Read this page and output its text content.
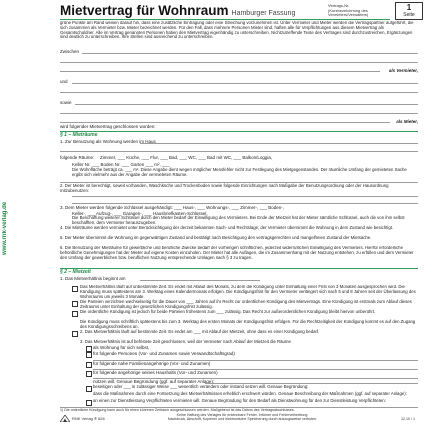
www.rnk-verlag.de
Mietvertrag für Wohnraum Hamburger Fassung
Vertrags-Nr.
(Kurzbezeichnung des Vermieters/Verwalters)
1
Seite
grüne Punkte am Rand weisen darauf hin, dass eine zusätzliche Eintragung oder eine Streichung vorzunehmen ist. Unter Vermieter und Mieter werden die Vertragspartner aufgeführt, die sich zusammen als Vermieter bzw. Mieter bezeichnet werden. Für den Fall, dass mehrere Personen Mieter sind, haften alle für Verpflichtungen aus diesem Mietvertrag als Gesamtschuldner. Alle im Vertrag genannten Personen haben den Mietvertrag eigenhändig zu unterschreiben. Nichtzutreffende Texte des Vertrages sind durchzustreichen, Ergänzungen sind deutlich zu unterschreiben. Ihre Stellen sind ausreichend zu unterschreiben.
Zwischen
als Vermieter,
und
sowie
als Mieter,
wird folgender Mietvertrag geschlossen worden:
§ 1 – Mieträume
1. Zur Benutzung als Wohnung werden im Haus
folgende Räume: Zimmer, ___ Küche, ___ Flur, ___ Bad, ___ WC, ___ Bad mit WC, ___ Balkon/Loggia,
Keller Nr. ___ Boden Nr. ___ Garten ___ m², ___
Die Wohnfläche beträgt ca. ___ m². Diese Angabe dient wegen möglicher Messfehler nicht zur Festlegung des Mietgegenstandes. Der räumliche Umfang der gemieteten Sache ergibt sich vielmehr aus der Angabe der vermieteten Räume.
2. Der Mieter ist berechtigt, soweit vorhanden, Waschküche und Trockenboden sowie folgende Einrichtungen nach Maßgabe der Benutzungsordnung oder der Hausordnung mitzubenutzen:
3. Dem Mieter werden folgende Schlüssel ausgehändigt: ___ Haus-, ___ Wohnungs-, ___ Zimmer-, ___ Boden-,
Keller-, ___ Aufzug-, ___ Garagen-, ___ Hausbriefkasten-Schlüssel.
Die Beschaffung weiterer Schlüssel durch den Mieter bedarf der Einwilligung des Vermieters. Bei Ende der Mietzeit hat der Mieter sämtliche Schlüssel, auch die von ihm selbst beschafften, dem Vermieter herauszugeben.
4. Die Mieträume werden vermietet unter Berücksichtigung der derzeit bekannten Sach- und Rechtslage; der Vermieter übernimmt die Wohnung in dem Zustand wie besichtigt.
5. Der Mieter übernimmt die Wohnung im gegenwärtigen Zustand und bestätigt nach Besichtigung den vertragsgerechten und mangelfreien Zustand der Mietsache.
6. Die Benutzung der Mieträume für gewerbliche und berufliche Zwecke bedarf der vorherigen schriftlichen, jederzeit widerruflichen Einwilligung des Vermieters. Hierfür erforderliche behördliche Genehmigungen hat der Mieter auf eigene Kosten einzuholen. Der Mieter hat alle Auflagen, die im Zusammenhang mit der Nutzung entstehen, zu erfüllen und dem Vermieter den Umfang der gewerblichen bzw. beruflichen Nutzung entsprechende Umlagen nach § 3 zu tragen.
§ 2 – Mietzeit
1. Das Mietverhältnis beginnt am
Das Mietverhältnis läuft auf unbestimmte Zeit. Es endet mit Ablauf des Monats, zu dem die Kündigung unter Einhaltung einer Frist von 3 Monaten ausgesprochen wird. Die Kündigung muss spätestens am 3. Werktag eines Kalendermonats erfolgen. Die Kündigungsfrist für den Vermieter verlängert sich nach 5 und 8 Jahren seit der Überlassung des Wohnraums um jeweils 3 Monate.
Die Parteien verzichten wechselseitig für die Dauer von ___ Jahren auf ihr Recht zur ordentlichen Kündigung des Mietvertrags. Eine Kündigung ist erstmals zum Ablauf dieses Zeitraums unter Einhaltung der gesetzlichen Kündigungsfrist zulässig.
Die ordentliche Kündigung ist jedoch für beide Parteien frühestens zum ___ zulässig. Das Recht zur außerordentlichen Kündigung bleibt hiervon unberührt.
Die Kündigung muss schriftlich spätestens bis zum 3. Werktag des ersten Monats der Kündigungsfrist erfolgen. Für die Rechtzeitigkeit der Kündigung kommt es auf den Zugang des Kündigungsschreibens an.
2. Das Mietverhältnis läuft auf bestimmte Zeit. Es endet am ___ mit Ablauf der Mietzeit, ohne dass es einer Kündigung bedarf.
3. Das Mietverhältnis ist auf befristete Zeit geschlossen, weil der Vermieter nach Ablauf der Mietzeit die Räume
als Wohnung für sich selbst,
für folgende Personen (Vor- und Zunamen sowie Verwandtschaftsgrad)
für folgende nahe Familienangehörige (Vor- und Zunamen)
für folgende angehörige seines Haushalts (Vor- und Zunamen)
nutzen will. Genaue Begründung (ggf. auf separater Anlage):
beseitigen oder ___ in zulässiger Weise ___ wesentlich verändern oder instand setzen will. Genaue Begründung:
dass die Maßnahmen durch eine Fortsetzung des Mietverhältnisses erheblich erschwert würden. Genaue Beschreibung der Maßnahmen (ggf. auf separater Anlage):
an einen zur Dienstleistung Verpflichteten vermieten will. Genaue Begründung für den Bedarf als Dienstwohnung für den zur Dienstleistung Verpflichteten:
1) Die ordentliche Kündigung kann auch für einen kürzeren Zeitraum ausgeschlossen werden. Maßgebend ist das Datum des Vertragsabschlusses.
RNK Verlag ® 626
Keine Haftung des Verlages für erkennbare Fehler, Irrtümer und Fehlerverbreitung.
Nachdruck, Abschrift, Kopieren und elektronische Speicherung durch auszugsweise verboten.	12.10 / 1
